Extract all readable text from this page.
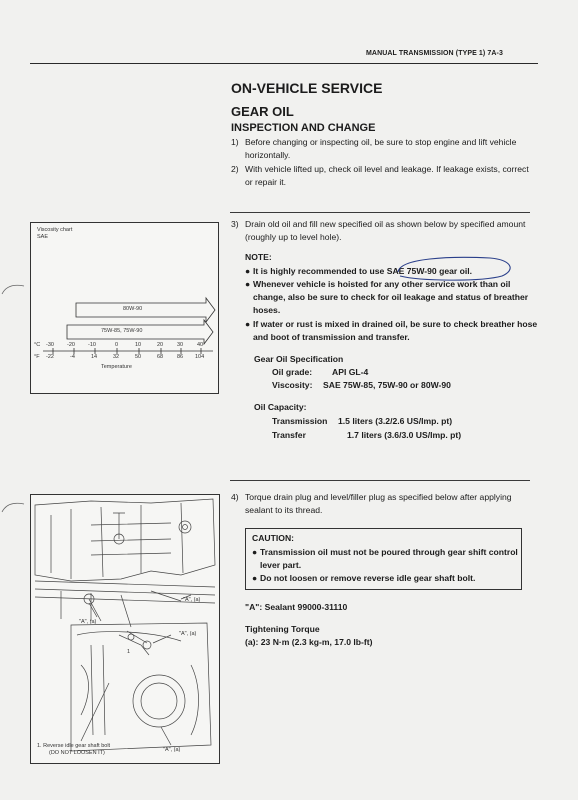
MANUAL TRANSMISSION (TYPE 1) 7A-3
ON-VEHICLE SERVICE
GEAR OIL
INSPECTION AND CHANGE
1) Before changing or inspecting oil, be sure to stop engine and lift vehicle horizontally.
2) With vehicle lifted up, check oil level and leakage. If leakage exists, correct or repair it.
Viscosity chart
SAE
80W-90
75W-85, 75W-90
°C
°F
-30 -20 -10	0	10	20	30	40
-22	-4	14	32	50	68	86 104
Temperature
3) Drain old oil and fill new specified oil as shown below by specified amount (roughly up to level hole).
NOTE:
● It is highly recommended to use SAE 75W-90 gear oil.
● Whenever vehicle is hoisted for any other service work than oil change, also be sure to check for oil leakage and status of breather hoses.
● If water or rust is mixed in drained oil, be sure to check breather hose and boot of transmission and transfer.
Gear Oil Specification
Oil grade: API GL-4
Viscosity: SAE 75W-85, 75W-90 or 80W-90
Oil Capacity:
Transmission 1.5 liters (3.2/2.6 US/Imp. pt)
Transfer	1.7 liters (3.6/3.0 US/Imp. pt)
4) Torque drain plug and level/filler plug as specified below after applying sealant to its thread.
CAUTION:
● Transmission oil must not be poured through gear shift control lever part.
● Do not loosen or remove reverse idle gear shaft bolt.
"A": Sealant 99000-31110
Tightening Torque
(a): 23 N·m (2.3 kg-m, 17.0 lb-ft)
"A", (a)
"A", (a)
"A", (a)
"A", (a)
1
1. Reverse idle gear shaft bolt
(DO NOT LOOSEN IT)
